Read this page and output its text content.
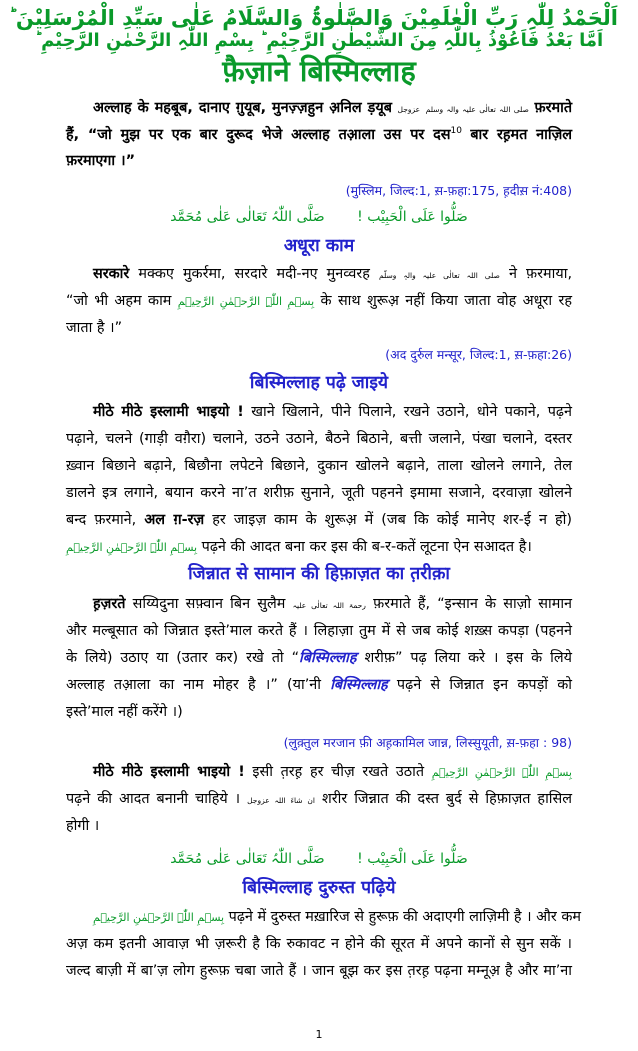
اَلْحَمْدُ لِلّٰہِ رَبِّ الْعٰلَمِیْنَ وَالصَّلٰوۃُ وَالسَّلَامُ عَلٰی سَیِّدِ الْمُرْسَلِیْنَ ؕ
اَمَّا بَعْدُ فَاَعُوْذُ بِاللّٰہِ مِنَ الشَّیْطٰنِ الرَّجِیْمِ ؕ بِسْمِ اللّٰہِ الرَّحْمٰنِ الرَّحِیْمِ ؕ
फ़ैज़ाने बिस्मिल्लाह
अल्लाह के महबूब, दानाए ग़ुयूब, मुनज़्ज़हुन अ़निल ड़यूब عزوجل صلی اللہ تعالٰی علیہ والہ وسلم फ़रमाते
हैं, “जो मुझ पर एक बार दुरूद भेजे अल्लाह तआ़ला उस पर दस$^{10}$ बार रह़मत नाज़िल
फ़रमाएगा ।”
(मुस्लिम, जिल्द:1, स़-फ़हा:175, ह़दीस़ नं:408)
صَلُّوا عَلَی الْحَبِیْب ! صَلَّی اللّٰہُ تَعَالٰی عَلٰی مُحَمَّد
अधूरा काम
सरकारे मक्कए मुकर्रमा, सरदारे मदी-नए मुनव्वरह صلی اللہ تعالٰی علیہ والہٖ وسلّم ने फ़रमाया,
“जो भी अहम काम بِسۡمِ اللّٰہِ الرَّحۡمٰنِ الرَّحِیۡمِ के साथ शुरूअ़ नहीं किया जाता वोह अधूरा रह
जाता है ।”
(अद दुर्रुल मन्सूर, जिल्द:1, स़-फ़हा:26)
बिस्मिल्लाह पढ़े जाइये
मीठे मीठे इस्लामी भाइयो ! खाने खिलाने, पीने पिलाने, रखने उठाने, धोने पकाने, पढ़ने
पढ़ाने, चलने (गाड़ी वग़ैरा) चलाने, उठने उठाने, बैठने बिठाने, बत्ती जलाने, पंखा चलाने, दस्तर
ख़्वान बिछाने बढ़ाने, बिछौना लपेटने बिछाने, दुकान खोलने बढ़ाने, ताला खोलने लगाने, तेल
डालने इत्र लगाने, बयान करने ना’त शरीफ़ सुनाने, जूती पहनने इमामा सजाने, दरवाज़ा खोलने
बन्द फ़रमाने, अल ग़-रज़ हर जाइज़ काम के शुरूअ़ में (जब कि कोई मानेए शर-ई न हो)
بِسۡمِ اللّٰہِ الرَّحۡمٰنِ الرَّحِیۡمِ पढ़ने की आदत बना कर इस की ब-र-कतें लूटना ऐन सआदत है।
जिन्नात से सामान की हिफ़ाज़त का त़रीक़ा
ह़ज़रते सय्यिदुना सफ़्वान बिन सुलैम رحمۃ اللہ تعالٰی علیہ फ़रमाते हैं, “इन्सान के साज़ो सामान
और मल्बूसात को जिन्नात इस्ते’माल करते हैं । लिहाज़ा तुम में से जब कोई शख़्स कपड़ा (पहनने
के लिये) उठाए या (उतार कर) रखे तो “बिस्मिल्लाह शरीफ़” पढ़ लिया करे । इस के लिये
अल्लाह तआ़ला का नाम मोहर है ।” (या’नी बिस्मिल्लाह पढ़ने से जिन्नात इन कपड़ों को
इस्ते’माल नहीं करेंगे ।)
(लुक़्तुल मरजान फ़ी अह़कामिल जान्न, लिस्सुयूती, स़-फ़हा : 98)
मीठे मीठे इस्लामी भाइयो ! इसी त़रह़ हर चीज़ रखते उठाते بِسۡمِ اللّٰہِ الرَّحۡمٰنِ الرَّحِیۡمِ
पढ़ने की आदत बनानी चाहिये । ان شاءَ اللہ عزوجل शरीर जिन्नात की दस्त बुर्द से हिफ़ाज़त हासिल
होगी ।
صَلُّوا عَلَی الْحَبِیْب ! صَلَّی اللّٰہُ تَعَالٰی عَلٰی مُحَمَّد
बिस्मिल्लाह दुरुस्त पढ़िये
بِسۡمِ اللّٰہِ الرَّحۡمٰنِ الرَّحِیۡمِ पढ़ने में दुरुस्त मख़ारिज से हुरूफ़ की अदाएगी लाज़िमी है । और कम
अज़ कम इतनी आवाज़ भी ज़रूरी है कि रुकावट न होने की सूरत में अपने कानों से सुन सकें ।
जल्द बाज़ी में बा’ज़ लोग हुरूफ़ चबा जाते हैं । जान बूझ कर इस त़रह़ पढ़ना मम्नूअ़ है और मा’ना
1
